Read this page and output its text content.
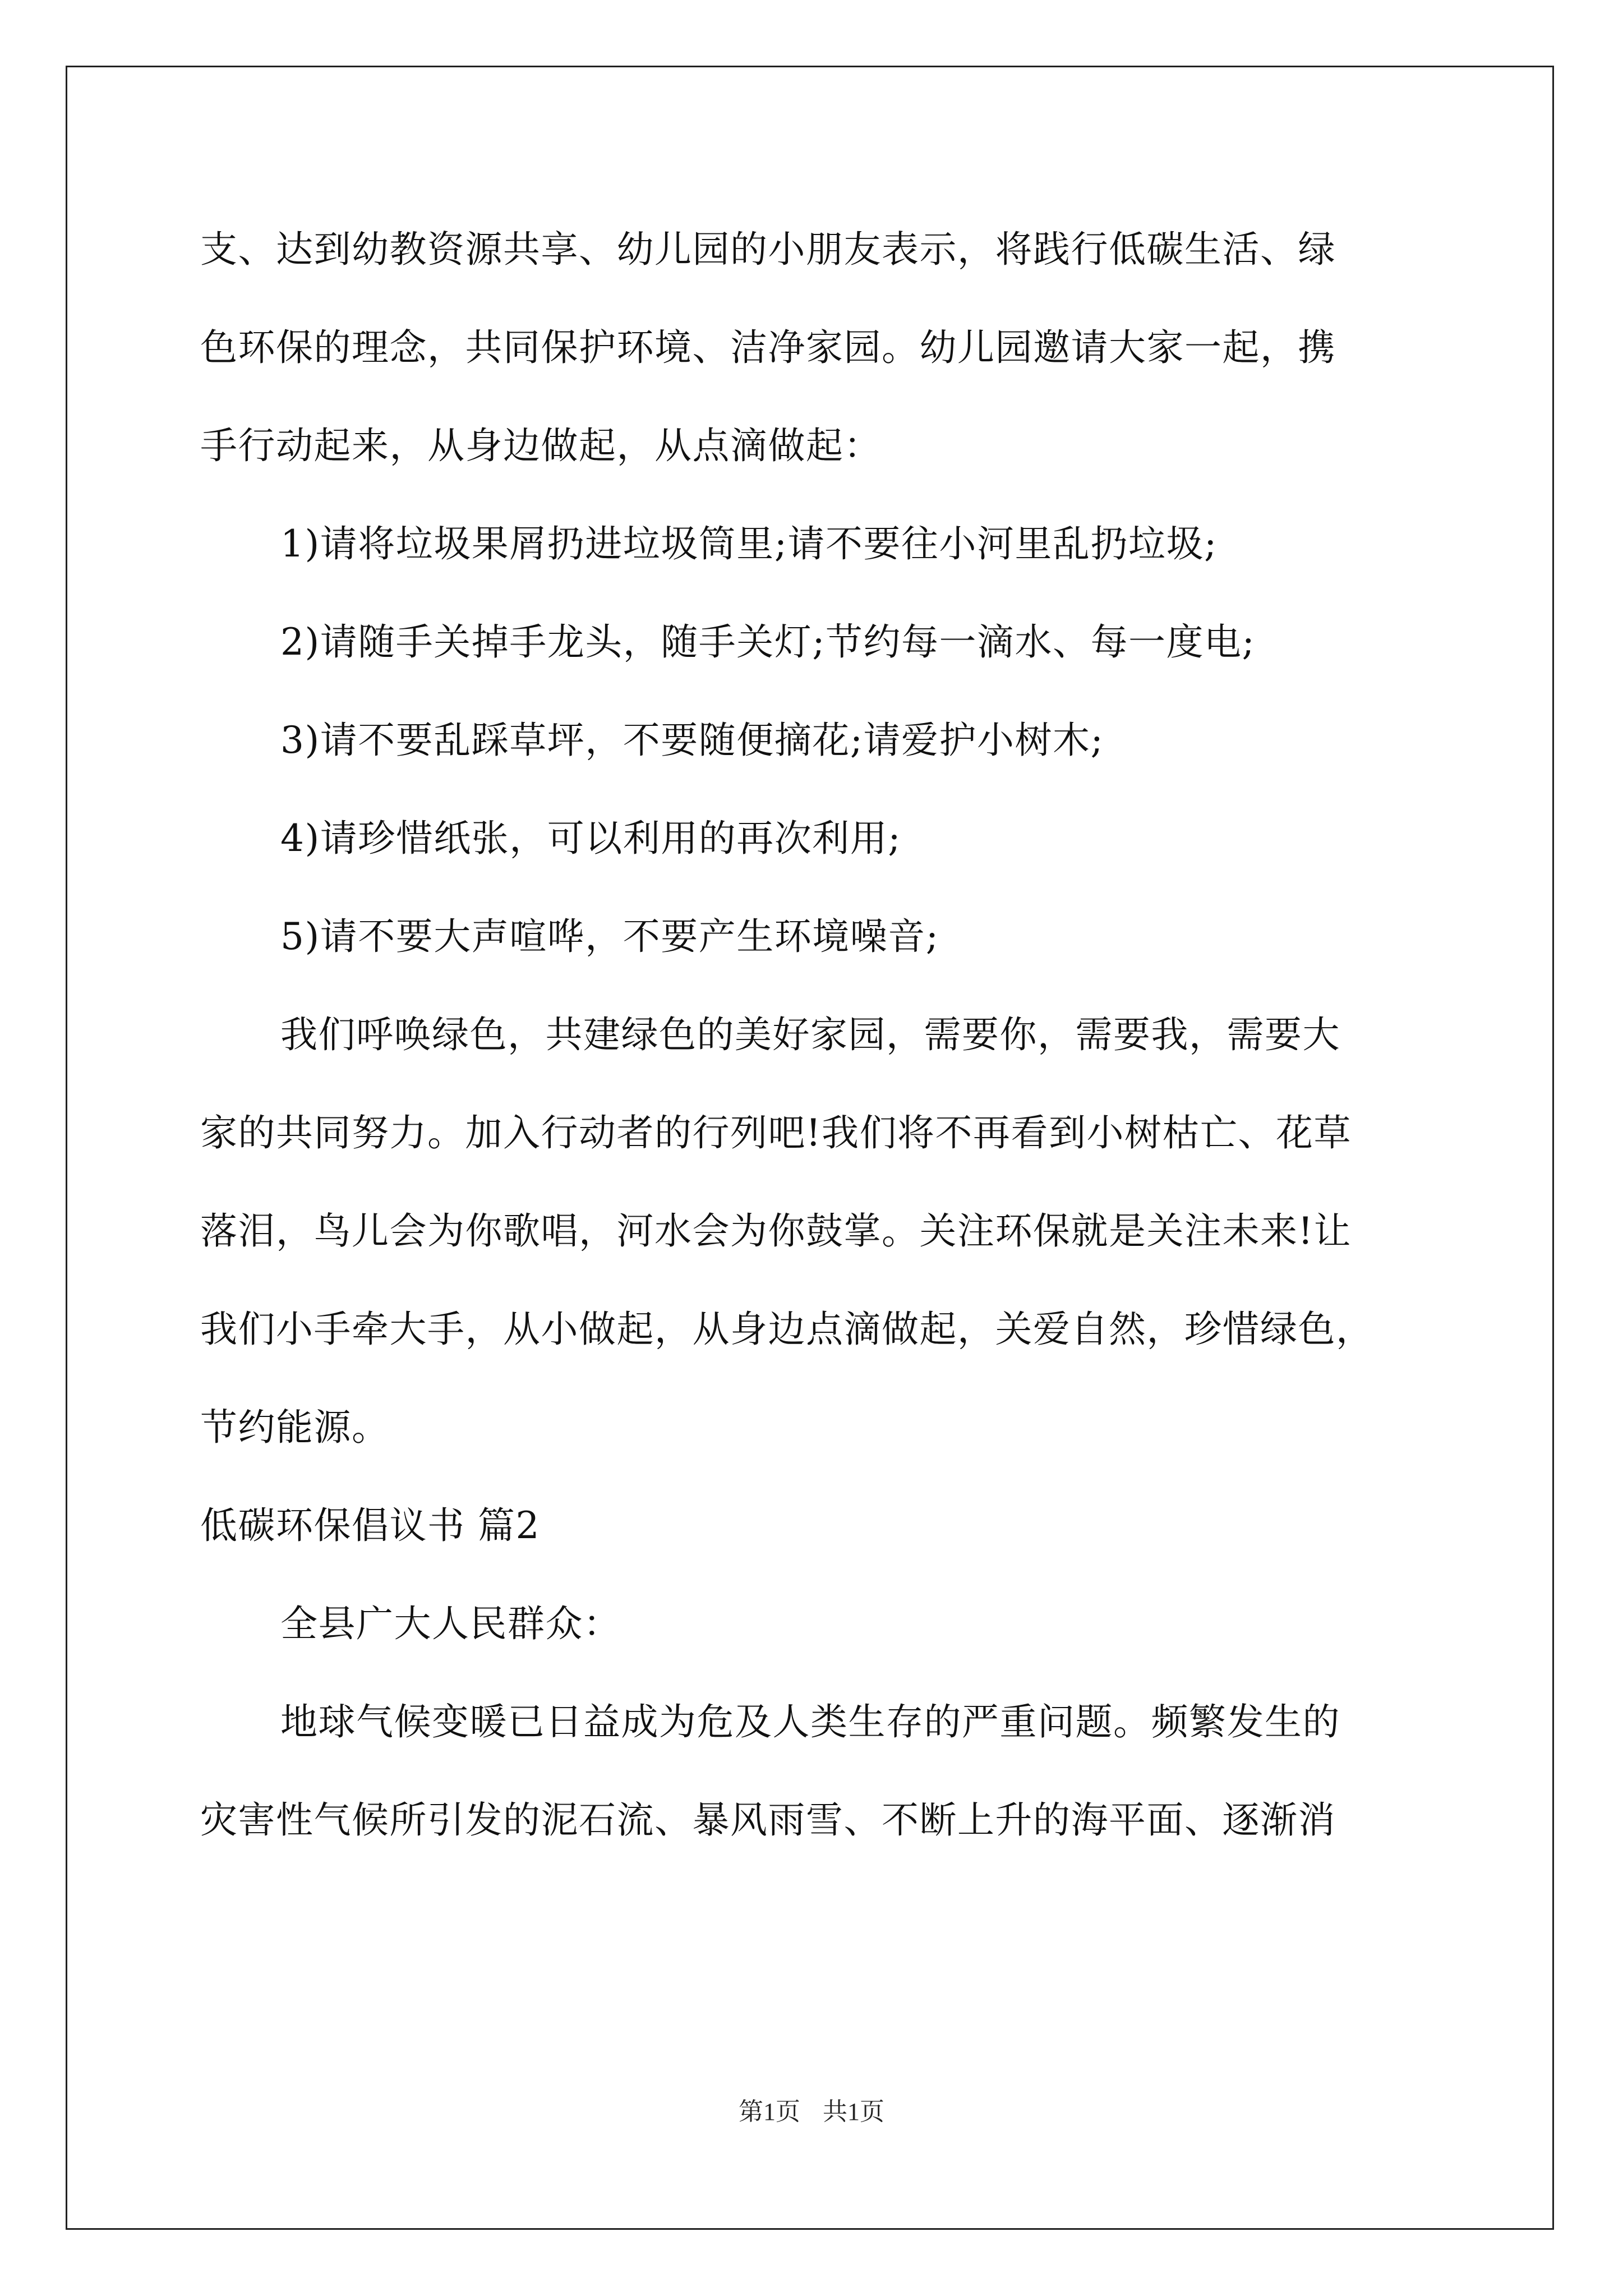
支、达到幼教资源共享、幼儿园的小朋友表示，将践行低碳生活、绿
色环保的理念，共同保护环境、洁净家园。幼儿园邀请大家一起，携
手行动起来，从身边做起，从点滴做起：
1)请将垃圾果屑扔进垃圾筒里;请不要往小河里乱扔垃圾;
2)请随手关掉手龙头，随手关灯;节约每一滴水、每一度电;
3)请不要乱踩草坪，不要随便摘花;请爱护小树木;
4)请珍惜纸张，可以利用的再次利用;
5)请不要大声喧哗，不要产生环境噪音;
我们呼唤绿色，共建绿色的美好家园，需要你，需要我，需要大
家的共同努力。加入行动者的行列吧!我们将不再看到小树枯亡、花草
落泪，鸟儿会为你歌唱，河水会为你鼓掌。关注环保就是关注未来!让
我们小手牵大手，从小做起，从身边点滴做起，关爱自然，珍惜绿色，
节约能源。
低碳环保倡议书 篇2
全县广大人民群众：
地球气候变暖已日益成为危及人类生存的严重问题。频繁发生的
灾害性气候所引发的泥石流、暴风雨雪、不断上升的海平面、逐渐消
第1页 共1页
